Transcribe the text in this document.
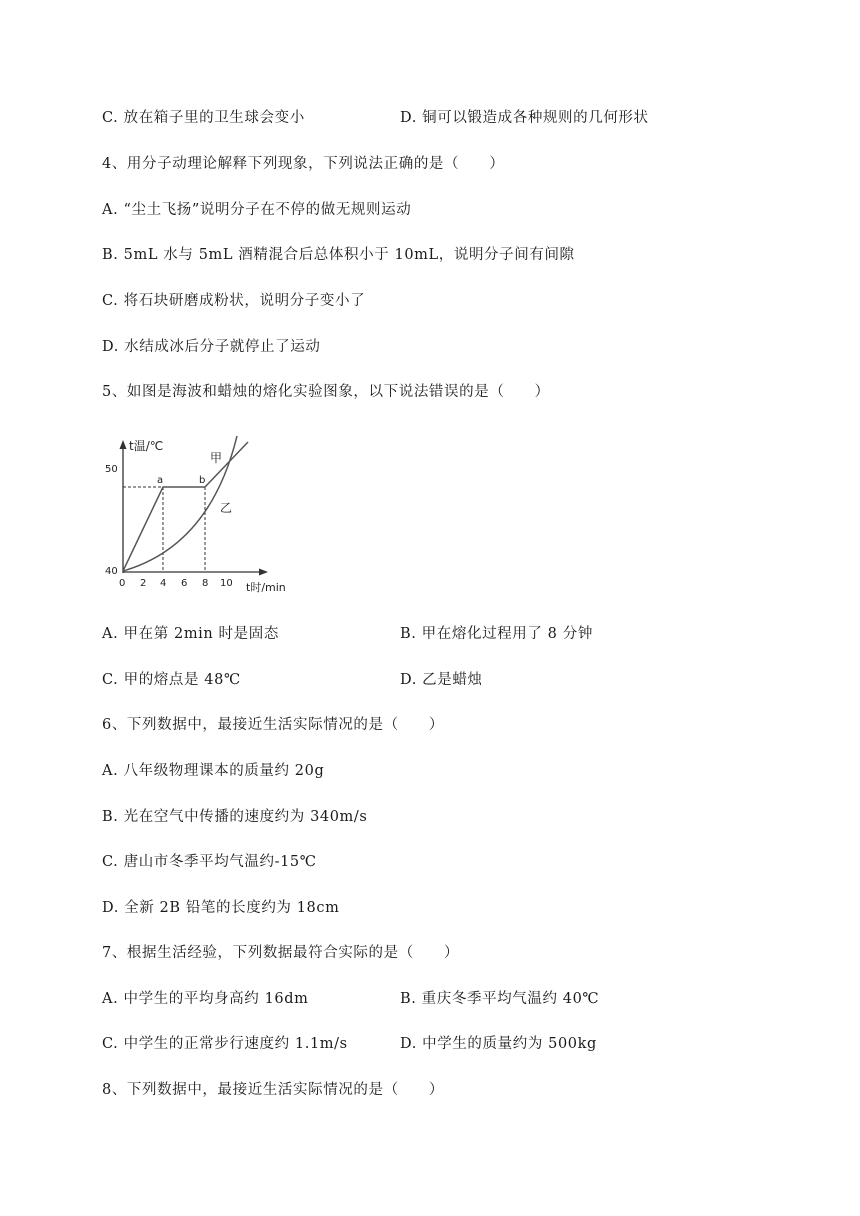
C. 放在箱子里的卫生球会变小	D. 铜可以锻造成各种规则的几何形状
4、用分子动理论解释下列现象，下列说法正确的是（　　）
A. “尘土飞扬”说明分子在不停的做无规则运动
B. 5mL 水与 5mL 酒精混合后总体积小于 10mL，说明分子间有间隙
C. 将石块研磨成粉状，说明分子变小了
D. 水结成冰后分子就停止了运动
5、如图是海波和蜡烛的熔化实验图象，以下说法错误的是（　　）
t温/℃
50
40
0 2 4 6 8 10 t时/min
a	b
甲
乙
A. 甲在第 2min 时是固态	B. 甲在熔化过程用了 8 分钟
C. 甲的熔点是 48℃	D. 乙是蜡烛
6、下列数据中，最接近生活实际情况的是（　　）
A. 八年级物理课本的质量约 20g
B. 光在空气中传播的速度约为 340m/s
C. 唐山市冬季平均气温约-15℃
D. 全新 2B 铅笔的长度约为 18cm
7、根据生活经验，下列数据最符合实际的是（　　）
A. 中学生的平均身高约 16dm	B. 重庆冬季平均气温约 40℃
C. 中学生的正常步行速度约 1.1m/s	D. 中学生的质量约为 500kg
8、下列数据中，最接近生活实际情况的是（　　）
